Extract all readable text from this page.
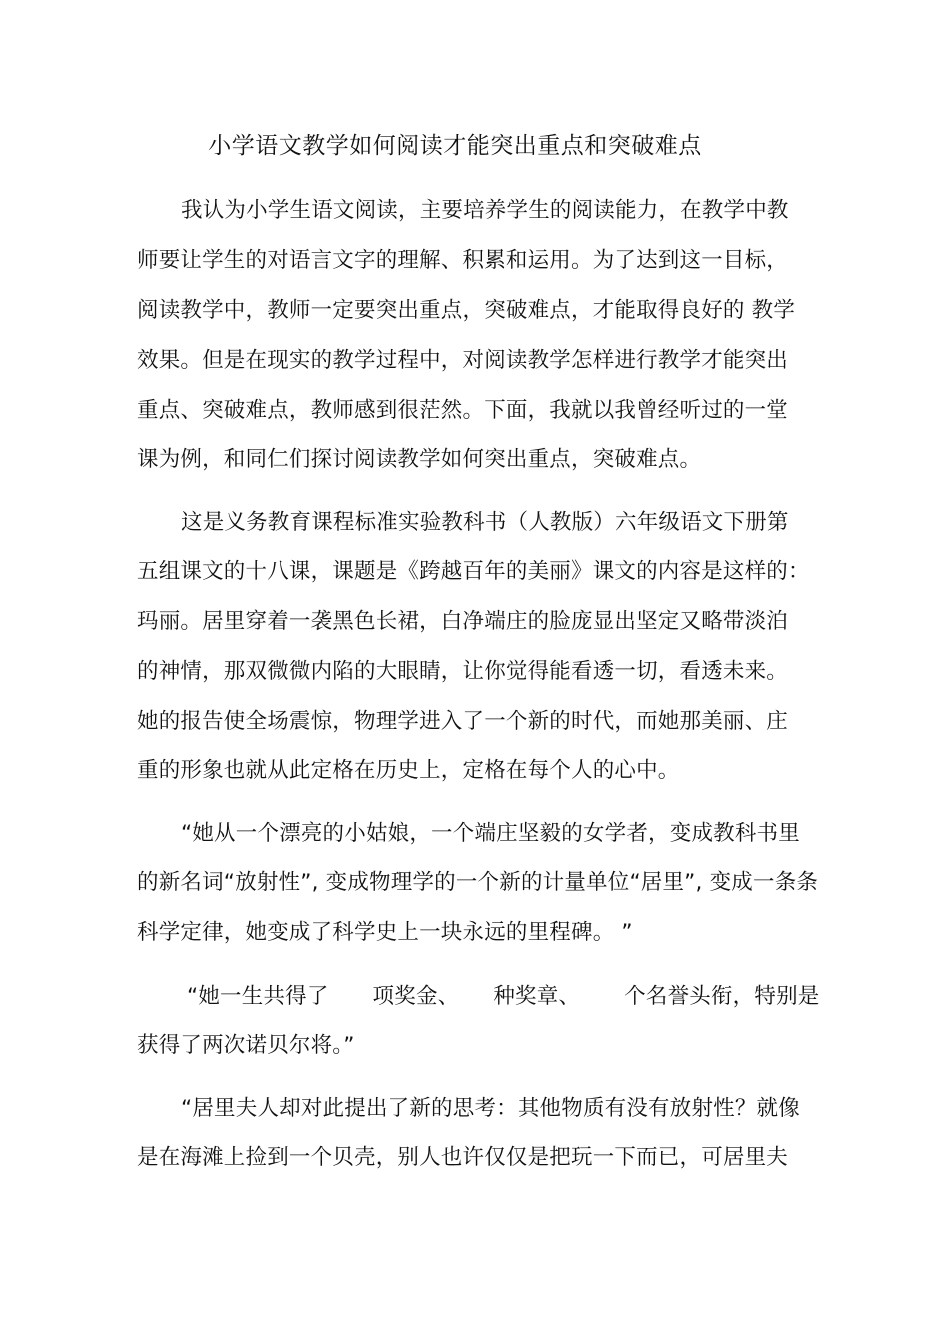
小学语文教学如何阅读才能突出重点和突破难点
我认为小学生语文阅读，主要培养学生的阅读能力，在教学中教
师要让学生的对语言文字的理解、积累和运用。为了达到这一目标，
阅读教学中，教师一定要突出重点，突破难点，才能取得良好的 教学
效果。但是在现实的教学过程中，对阅读教学怎样进行教学才能突出
重点、突破难点，教师感到很茫然。下面，我就以我曾经听过的一堂
课为例，和同仁们探讨阅读教学如何突出重点，突破难点。
这是义务教育课程标准实验教科书（人教版）六年级语文下册第
五组课文的十八课，课题是《跨越百年的美丽》课文的内容是这样的：
玛丽。居里穿着一袭黑色长裙，白净端庄的脸庞显出坚定又略带淡泊
的神情，那双微微内陷的大眼睛，让你觉得能看透一切，看透未来。
她的报告使全场震惊，物理学进入了一个新的时代，而她那美丽、庄
重的形象也就从此定格在历史上，定格在每个人的心中。
“她从一个漂亮的小姑娘，一个端庄坚毅的女学者，变成教科书里
的新名词“放射性”, 变成物理学的一个新的计量单位“居里”, 变成一条条
科学定律，她变成了科学史上一块永远的里程碑。 ”
“她一生共得了 项奖金、 种奖章、 个名誉头衔，特别是
获得了两次诺贝尔将。”
“居里夫人却对此提出了新的思考：其他物质有没有放射性？就像
是在海滩上捡到一个贝壳，别人也许仅仅是把玩一下而已，可居里夫
